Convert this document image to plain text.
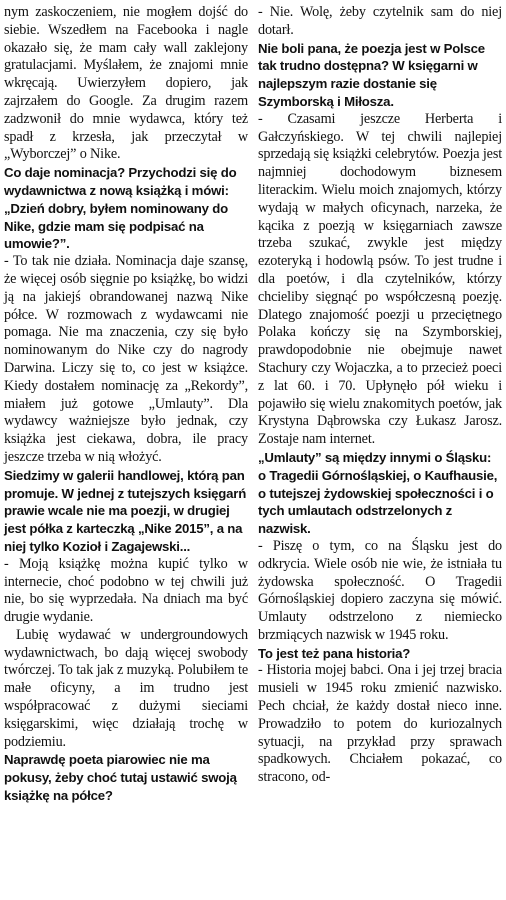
nym zaskoczeniem, nie mogłem dojść do siebie. Wszedłem na Facebooka i nagle okazało się, że mam cały wall zaklejony gratulacjami. Myślałem, że znajomi mnie wkręcają. Uwierzyłem dopiero, jak zajrzałem do Google. Za drugim razem zadzwonił do mnie wydawca, który też spadł z krzesła, jak przeczytał w „Wyborczej” o Nike.

Co daje nominacja? Przychodzi się do wydawnictwa z nową książką i mówi: „Dzień dobry, byłem nominowany do Nike, gdzie mam się podpisać na umowie?”.

- To tak nie działa. Nominacja daje szansę, że więcej osób sięgnie po książkę, bo widzi ją na jakiejś obrandowanej nazwą Nike półce. W rozmowach z wydawcami nie pomaga. Nie ma znaczenia, czy się było nominowanym do Nike czy do nagrody Darwina. Liczy się to, co jest w książce. Kiedy dostałem nominację za „Rekordy”, miałem już gotowe „Umlauty”. Dla wydawcy ważniejsze było jednak, czy książka jest ciekawa, dobra, ile pracy jeszcze trzeba w nią włożyć.

Siedzimy w galerii handlowej, którą pan promuje. W jednej z tutejszych księgarń prawie wcale nie ma poezji, w drugiej jest półka z karteczką „Nike 2015”, a na niej tylko Kozioł i Zagajewski...

- Moją książkę można kupić tylko w internecie, choć podobno w tej chwili już nie, bo się wyprzedała. Na dniach ma być drugie wydanie.

Lubię wydawać w undergroundowych wydawnictwach, bo dają więcej swobody twórczej. To tak jak z muzyką. Polubiłem te małe oficyny, a im trudno jest współpracować z dużymi sieciami księgarskimi, więc działają trochę w podziemiu.

Naprawdę poeta piarowiec nie ma pokusy, żeby choć tutaj ustawić swoją książkę na półce?

- Nie. Wolę, żeby czytelnik sam do niej dotarł.

Nie boli pana, że poezja jest w Polsce tak trudno dostępna? W księgarni w najlepszym razie dostanie się Szymborską i Miłosza.

- Czasami jeszcze Herberta i Gałczyńskiego. W tej chwili najlepiej sprzedają się książki celebrytów. Poezja jest najmniej dochodowym biznesem literackim. Wielu moich znajomych, którzy wydają w małych oficynach, narzeka, że kącika z poezją w księgarniach zawsze trzeba szukać, zwykle jest między ezoteryką i hodowlą psów. To jest trudne i dla poetów, i dla czytelników, którzy chcieliby sięgnąć po współczesną poezję. Dlatego znajomość poezji u przeciętnego Polaka kończy się na Szymborskiej, prawdopodobnie nie obejmuje nawet Stachury czy Wojaczka, a to przecież poeci z lat 60. i 70. Upłynęło pół wieku i pojawiło się wielu znakomitych poetów, jak Krystyna Dąbrowska czy Łukasz Jarosz. Zostaje nam internet.

„Umlauty” są między innymi o Śląsku: o Tragedii Górnośląskiej, o Kaufhausie, o tutejszej żydowskiej społeczności i o tych umlautach odstrzelonych z nazwisk.

- Piszę o tym, co na Śląsku jest do odkrycia. Wiele osób nie wie, że istniała tu żydowska społeczność. O Tragedii Górnośląskiej dopiero zaczyna się mówić. Umlauty odstrzelono z niemiecko brzmiących nazwisk w 1945 roku.

To jest też pana historia?

- Historia mojej babci. Ona i jej trzej bracia musieli w 1945 roku zmienić nazwisko. Pech chciał, że każdy dostał nieco inne. Prowadziło to potem do kuriozalnych sytuacji, na przykład przy sprawach spadkowych. Chciałem pokazać, co stracono, od-
